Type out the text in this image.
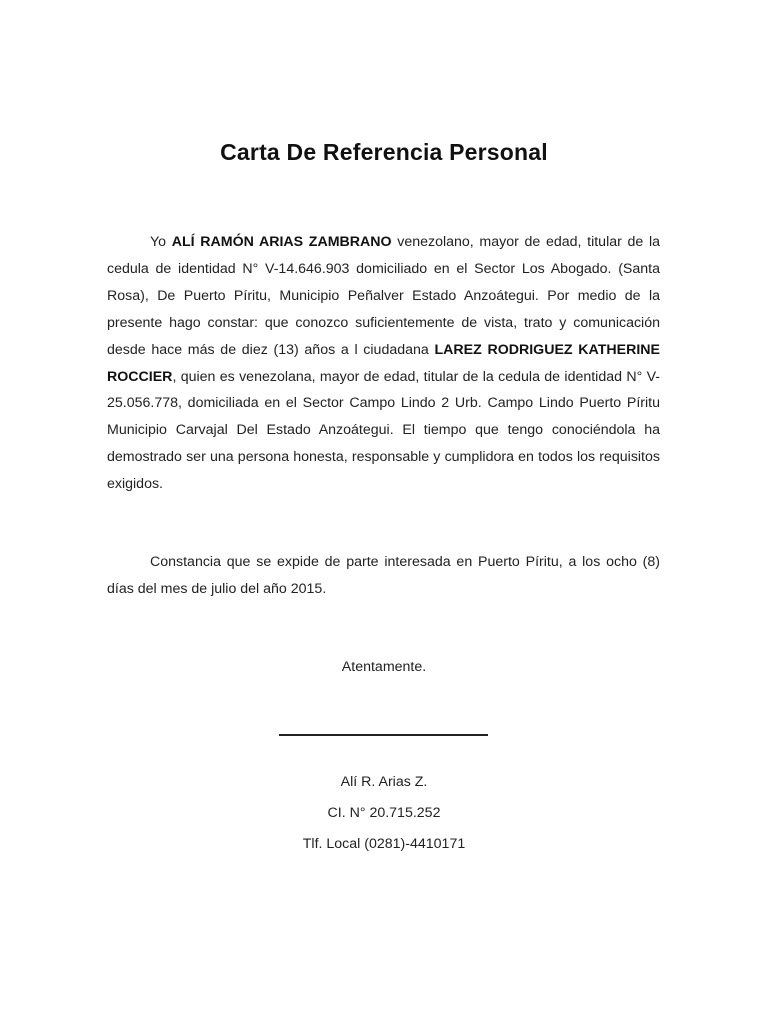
Carta De Referencia Personal

Yo ALÍ RAMÓN ARIAS ZAMBRANO venezolano, mayor de edad, titular de la cedula de identidad N° V-14.646.903 domiciliado en el Sector Los Abogado. (Santa Rosa), De Puerto Píritu, Municipio Peñalver Estado Anzoátegui. Por medio de la presente hago constar: que conozco suficientemente de vista, trato y comunicación desde hace más de diez (13) años a l ciudadana LAREZ RODRIGUEZ KATHERINE ROCCIER, quien es venezolana, mayor de edad, titular de la cedula de identidad N° V-25.056.778, domiciliada en el Sector Campo Lindo 2 Urb. Campo Lindo Puerto Píritu Municipio Carvajal Del Estado Anzoátegui. El tiempo que tengo conociéndola ha demostrado ser una persona honesta, responsable y cumplidora en todos los requisitos exigidos.

Constancia que se expide de parte interesada en Puerto Píritu, a los ocho (8) días del mes de julio del año 2015.

Atentamente.
Alí R. Arias Z.
CI. N° 20.715.252
Tlf. Local (0281)-4410171
